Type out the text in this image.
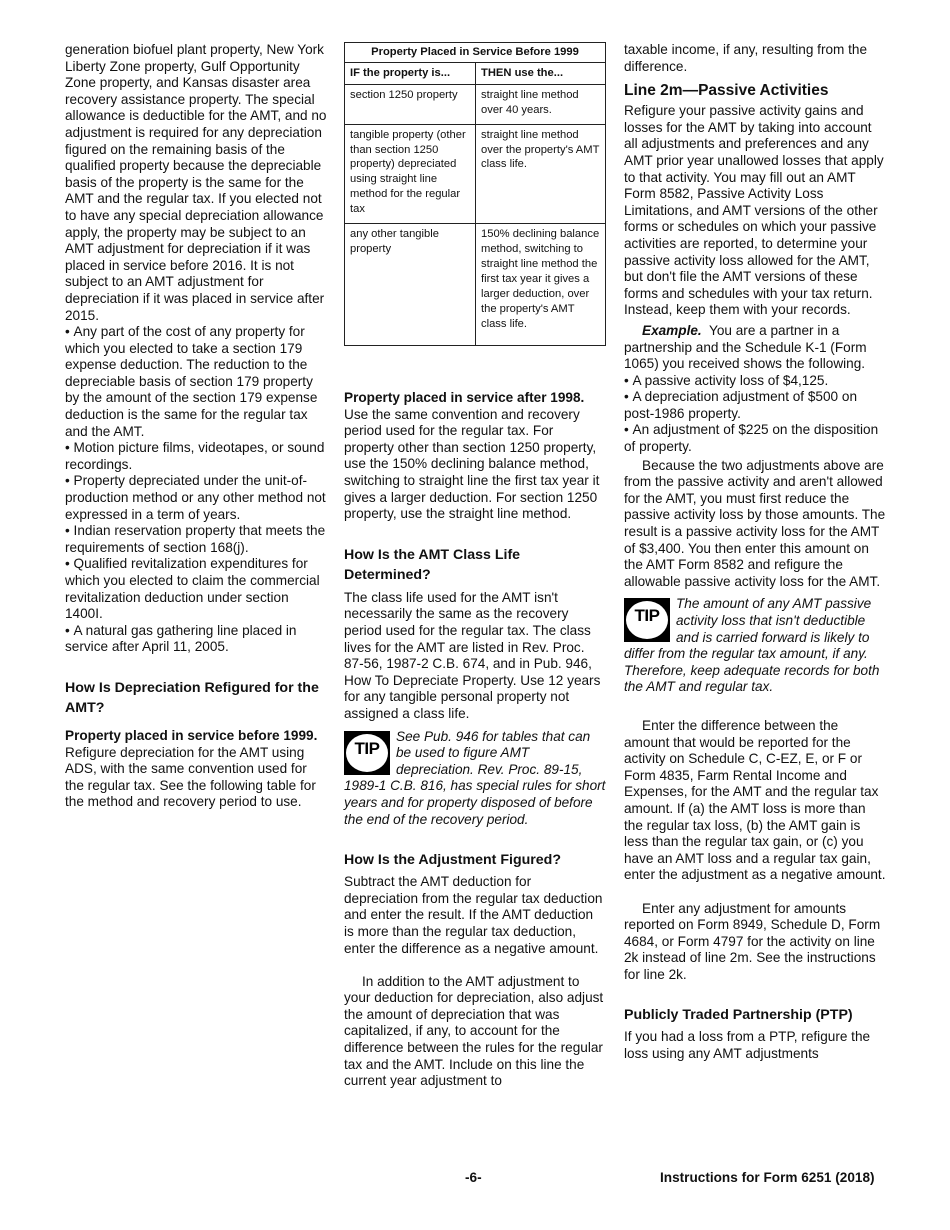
generation biofuel plant property, New York Liberty Zone property, Gulf Opportunity Zone property, and Kansas disaster area recovery assistance property. The special allowance is deductible for the AMT, and no adjustment is required for any depreciation figured on the remaining basis of the qualified property because the depreciable basis of the property is the same for the AMT and the regular tax. If you elected not to have any special depreciation allowance apply, the property may be subject to an AMT adjustment for depreciation if it was placed in service before 2016. It is not subject to an AMT adjustment for depreciation if it was placed in service after 2015.

• Any part of the cost of any property for which you elected to take a section 179 expense deduction. The reduction to the depreciable basis of section 179 property by the amount of the section 179 expense deduction is the same for the regular tax and the AMT.

• Motion picture films, videotapes, or sound recordings.

• Property depreciated under the unit-of-production method or any other method not expressed in a term of years.

• Indian reservation property that meets the requirements of section 168(j).

• Qualified revitalization expenditures for which you elected to claim the commercial revitalization deduction under section 1400I.

• A natural gas gathering line placed in service after April 11, 2005.

How Is Depreciation Refigured for the AMT?

Property placed in service before 1999. Refigure depreciation for the AMT using ADS, with the same convention used for the regular tax. See the following table for the method and recovery period to use.

Property Placed in Service Before 1999	
IF the property is...	THEN use the...
section 1250 property	straight line method over 40 years.
tangible property (other than section 1250 property) depreciated using straight line method for the regular tax	straight line method over the property's AMT class life.
any other tangible property	150% declining balance method, switching to straight line method the first tax year it gives a larger deduction, over the property's AMT class life.

Property placed in service after 1998. Use the same convention and recovery period used for the regular tax. For property other than section 1250 property, use the 150% declining balance method, switching to straight line the first tax year it gives a larger deduction. For section 1250 property, use the straight line method.

How Is the AMT Class Life Determined?

The class life used for the AMT isn't necessarily the same as the recovery period used for the regular tax. The class lives for the AMT are listed in Rev. Proc. 87-56, 1987-2 C.B. 674, and in Pub. 946, How To Depreciate Property. Use 12 years for any tangible personal property not assigned a class life.

TIP

See Pub. 946 for tables that can be used to figure AMT depreciation. Rev. Proc. 89-15, 1989-1 C.B. 816, has special rules for short years and for property disposed of before the end of the recovery period.

How Is the Adjustment Figured?

Subtract the AMT deduction for depreciation from the regular tax deduction and enter the result. If the AMT deduction is more than the regular tax deduction, enter the difference as a negative amount.

In addition to the AMT adjustment to your deduction for depreciation, also adjust the amount of depreciation that was capitalized, if any, to account for the difference between the rules for the regular tax and the AMT. Include on this line the current year adjustment to

taxable income, if any, resulting from the difference.

Line 2m—Passive Activities

Refigure your passive activity gains and losses for the AMT by taking into account all adjustments and preferences and any AMT prior year unallowed losses that apply to that activity. You may fill out an AMT Form 8582, Passive Activity Loss Limitations, and AMT versions of the other forms or schedules on which your passive activities are reported, to determine your passive activity loss allowed for the AMT, but don't file the AMT versions of these forms and schedules with your tax return. Instead, keep them with your records.

Example. You are a partner in a partnership and the Schedule K-1 (Form 1065) you received shows the following.

• A passive activity loss of $4,125.

• A depreciation adjustment of $500 on post-1986 property.

• An adjustment of $225 on the disposition of property.

Because the two adjustments above are from the passive activity and aren't allowed for the AMT, you must first reduce the passive activity loss by those amounts. The result is a passive activity loss for the AMT of $3,400. You then enter this amount on the AMT Form 8582 and refigure the allowable passive activity loss for the AMT.

TIP

The amount of any AMT passive activity loss that isn't deductible and is carried forward is likely to differ from the regular tax amount, if any. Therefore, keep adequate records for both the AMT and regular tax.

Enter the difference between the amount that would be reported for the activity on Schedule C, C-EZ, E, or F or Form 4835, Farm Rental Income and Expenses, for the AMT and the regular tax amount. If (a) the AMT loss is more than the regular tax loss, (b) the AMT gain is less than the regular tax gain, or (c) you have an AMT loss and a regular tax gain, enter the adjustment as a negative amount.

Enter any adjustment for amounts reported on Form 8949, Schedule D, Form 4684, or Form 4797 for the activity on line 2k instead of line 2m. See the instructions for line 2k.

Publicly Traded Partnership (PTP)

If you had a loss from a PTP, refigure the loss using any AMT adjustments

-6-	Instructions for Form 6251 (2018)
